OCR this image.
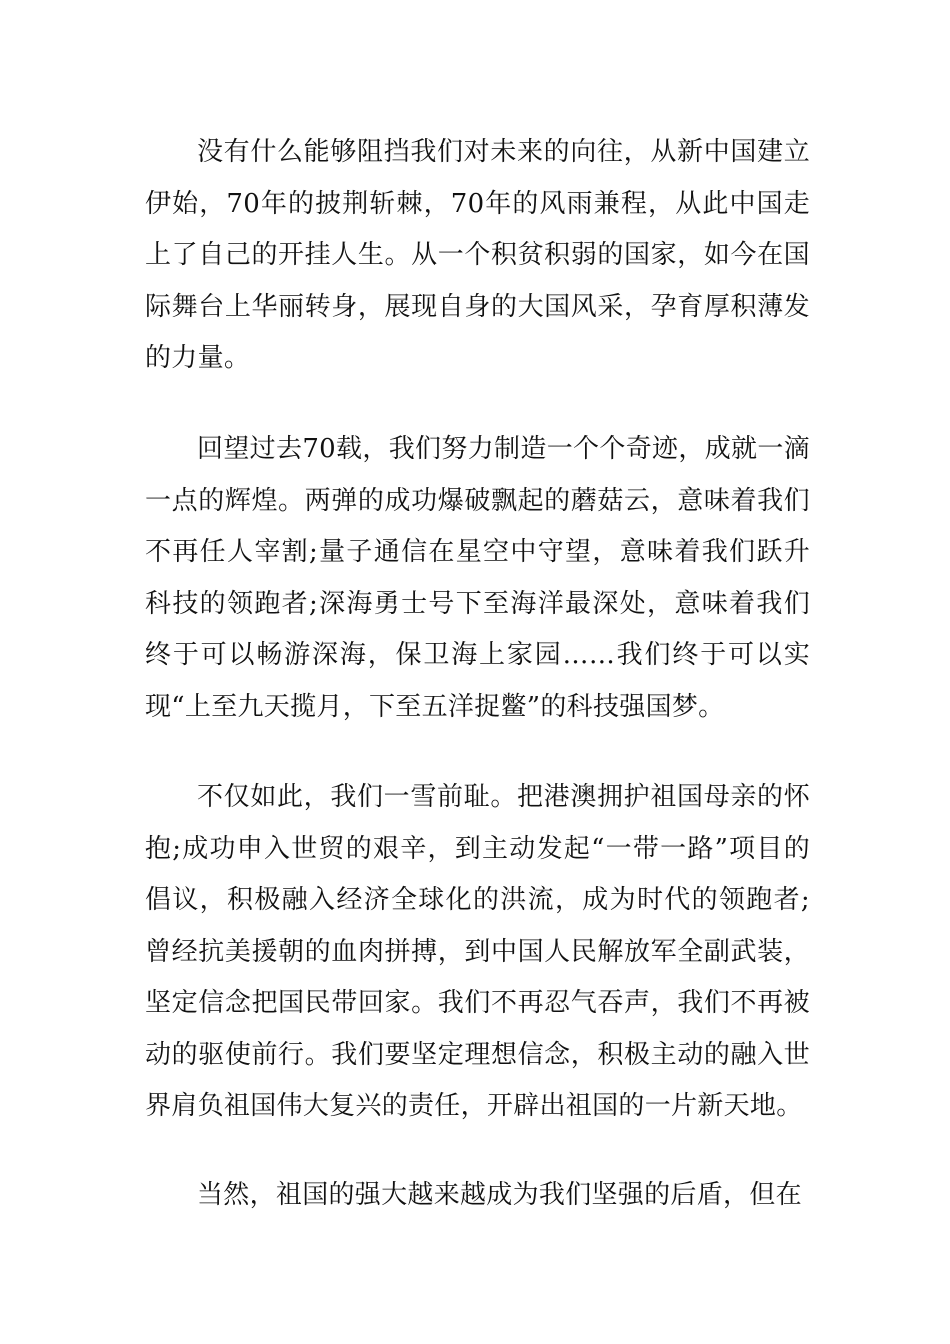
没有什么能够阻挡我们对未来的向往，从新中国建立伊始，70年的披荆斩棘，70年的风雨兼程，从此中国走上了自己的开挂人生。从一个积贫积弱的国家，如今在国际舞台上华丽转身，展现自身的大国风采，孕育厚积薄发的力量。

回望过去70载，我们努力制造一个个奇迹，成就一滴一点的辉煌。两弹的成功爆破飘起的蘑菇云，意味着我们不再任人宰割;量子通信在星空中守望，意味着我们跃升科技的领跑者;深海勇士号下至海洋最深处，意味着我们终于可以畅游深海，保卫海上家园……我们终于可以实现“上至九天揽月，下至五洋捉鳖”的科技强国梦。

不仅如此，我们一雪前耻。把港澳拥护祖国母亲的怀抱;成功申入世贸的艰辛，到主动发起“一带一路”项目的倡议，积极融入经济全球化的洪流，成为时代的领跑者;曾经抗美援朝的血肉拼搏，到中国人民解放军全副武装，坚定信念把国民带回家。我们不再忍气吞声，我们不再被动的驱使前行。我们要坚定理想信念，积极主动的融入世界肩负祖国伟大复兴的责任，开辟出祖国的一片新天地。

当然，祖国的强大越来越成为我们坚强的后盾，但在
